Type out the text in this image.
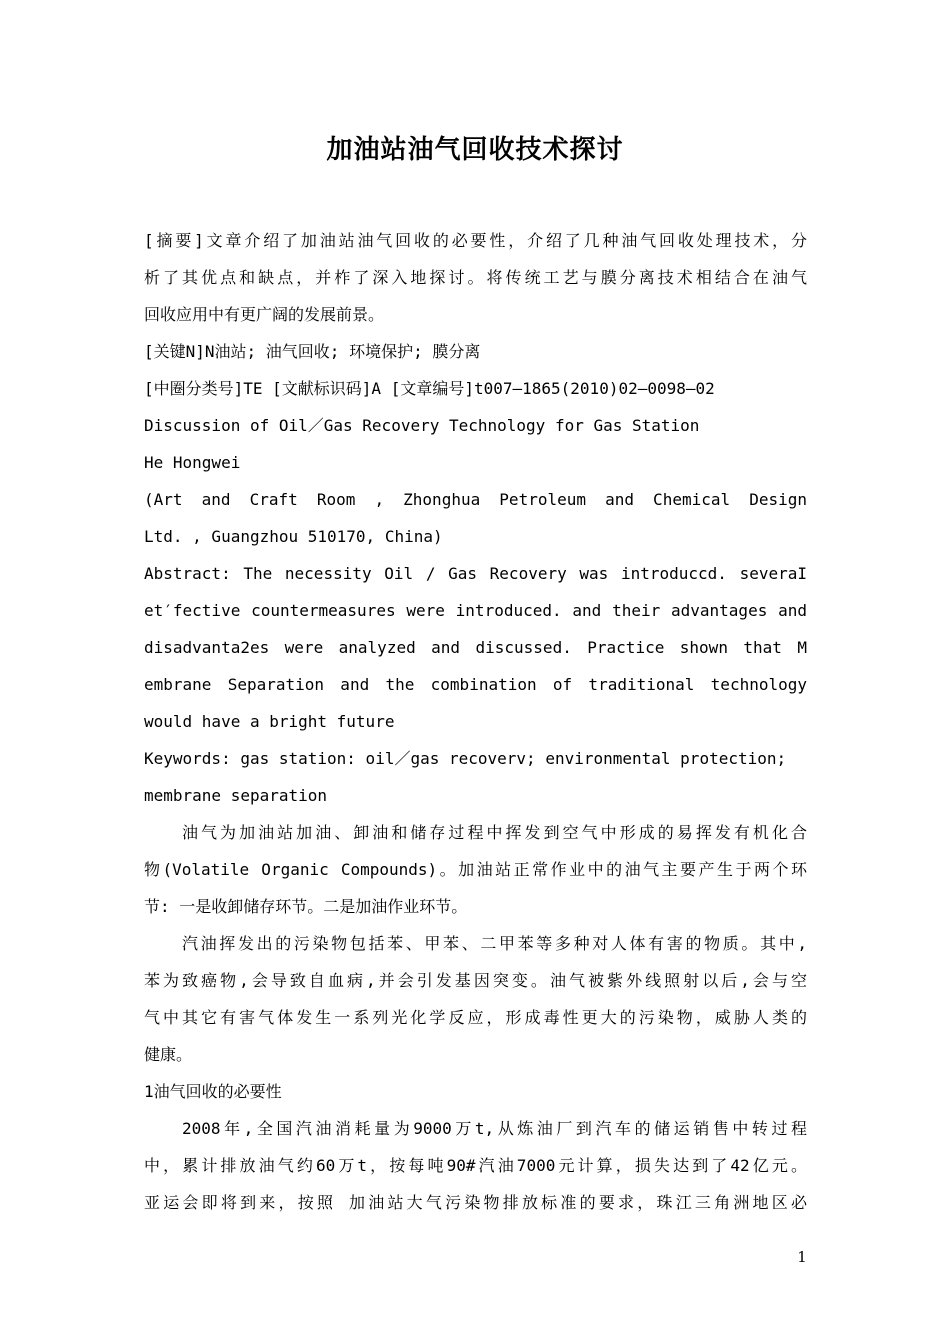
加油站油气回收技术探讨
[摘要]文章介绍了加油站油气回收的必要性，介绍了几种油气回收处理技术，分
析了其优点和缺点，并柞了深入地探讨。将传统工艺与膜分离技术相结合在油气
回收应用中有更广阔的发展前景。
[关键N]N油站; 油气回收; 环境保护; 膜分离
[中圈分类号]TE [文献标识码]A [文章编号]t007—1865(2010)02—0098—02
Discussion of Oil／Gas Recovery Technology for Gas Station
He Hongwei
(Art and Craft Room , Zhonghua Petroleum and Chemical Design
Ltd. , Guangzhou 510170, China)
Abstract: The necessity Oil / Gas Recovery was introduccd. severaI
et′fective countermeasures were introduced. and their advantages and
disadvanta2es were analyzed and discussed. Practice shown that M
embrane Separation and the combination of traditional technology
would have a bright future
Keywords: gas station: oil／gas recoverv; environmental protection;
membrane separation
油气为加油站加油、卸油和储存过程中挥发到空气中形成的易挥发有机化合
物(Volatile Organic Compounds)。加油站正常作业中的油气主要产生于两个环
节: 一是收卸储存环节。二是加油作业环节。
汽油挥发出的污染物包括苯、甲苯、二甲苯等多种对人体有害的物质。其中,
苯为致癌物,会导致自血病,并会引发基因突变。油气被紫外线照射以后,会与空
气中其它有害气体发生一系列光化学反应，形成毒性更大的污染物，威胁人类的
健康。
1油气回收的必要性
2008年,全国汽油消耗量为9000万t,从炼油厂到汽车的储运销售中转过程
中，累计排放油气约60万t，按每吨90#汽油7000元计算，损失达到了42亿元。
亚运会即将到来，按照 加油站大气污染物排放标准的要求，珠江三角洲地区必
1
